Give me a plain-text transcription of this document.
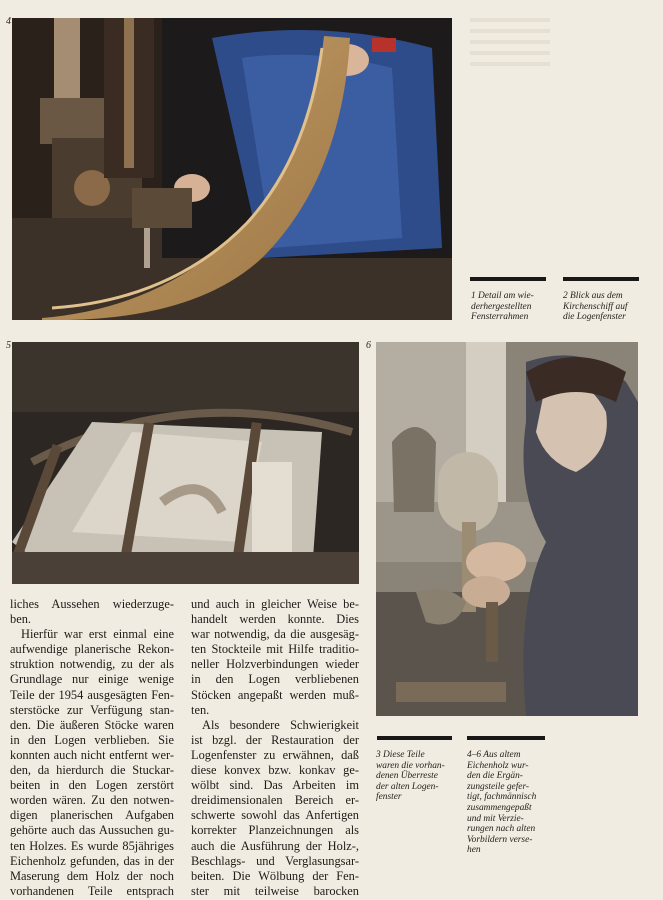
4
1 Detail am wie-
derhergestellten
Fensterrahmen
2 Blick aus dem
Kirchenschiff auf
die Logenfenster
5	6
3 Diese Teile
waren die vorhan-
denen Überreste
der alten Logen-
fenster
4–6 Aus altem
Eichenholz wur-
den die Ergän-
zungsteile gefer-
tigt, fachmännisch
zusammengepaßt
und mit Verzie-
rungen nach alten
Vorbildern verse-
hen
liches Aussehen wiederzuge-
ben.
Hierfür war erst einmal eine
aufwendige planerische Rekon-
struktion notwendig, zu der als
Grundlage nur einige wenige
Teile der 1954 ausgesägten Fen-
sterstöcke zur Verfügung stan-
den. Die äußeren Stöcke waren
in den Logen verblieben. Sie
konnten auch nicht entfernt wer-
den, da hierdurch die Stuckar-
beiten in den Logen zerstört
worden wären. Zu den notwen-
digen planerischen Aufgaben
gehörte auch das Aussuchen gu-
ten Holzes. Es wurde 85jähriges
Eichenholz gefunden, das in der
Maserung dem Holz der noch
vorhandenen Teile entsprach
und auch in gleicher Weise be-
handelt werden konnte. Dies
war notwendig, da die ausgesäg-
ten Stockteile mit Hilfe traditio-
neller Holzverbindungen wieder
in den Logen verbliebenen
Stöcken angepaßt werden muß-
ten.
Als besondere Schwierigkeit
ist bzgl. der Restauration der
Logenfenster zu erwähnen, daß
diese konvex bzw. konkav ge-
wölbt sind. Das Arbeiten im
dreidimensionalen Bereich er-
schwerte sowohl das Anfertigen
korrekter Planzeichnungen als
auch die Ausführung der Holz-,
Beschlags- und Verglasungsar-
beiten. Die Wölbung der Fen-
ster mit teilweise barocken
